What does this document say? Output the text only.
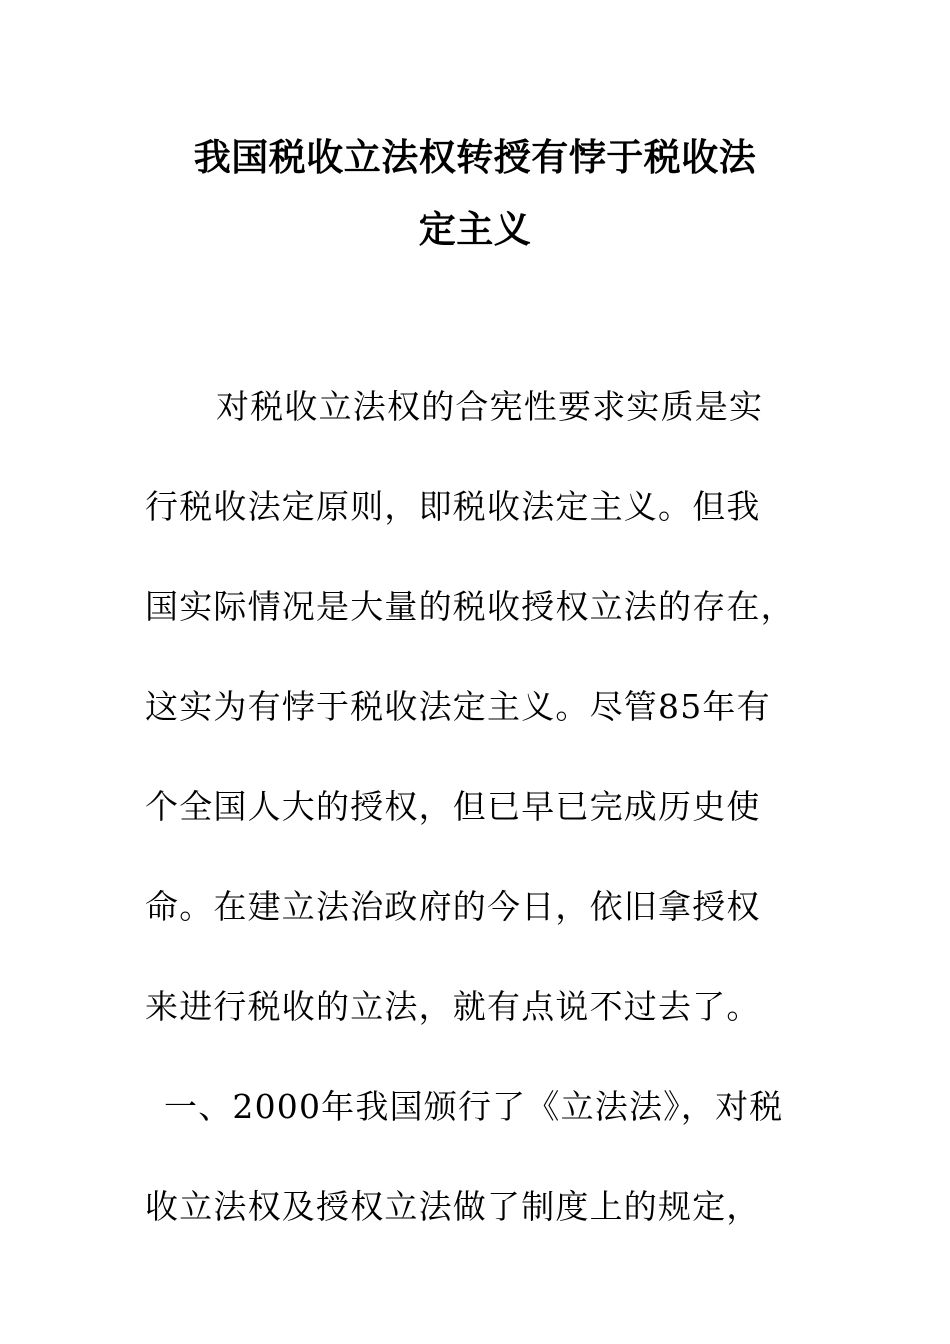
我国税收立法权转授有悖于税收法
定主义
对税收立法权的合宪性要求实质是实
行税收法定原则，即税收法定主义。但我
国实际情况是大量的税收授权立法的存在，
这实为有悖于税收法定主义。尽管85年有
个全国人大的授权，但已早已完成历史使
命。在建立法治政府的今日，依旧拿授权
来进行税收的立法，就有点说不过去了。
一、2000年我国颁行了《立法法》，对税
收立法权及授权立法做了制度上的规定，
